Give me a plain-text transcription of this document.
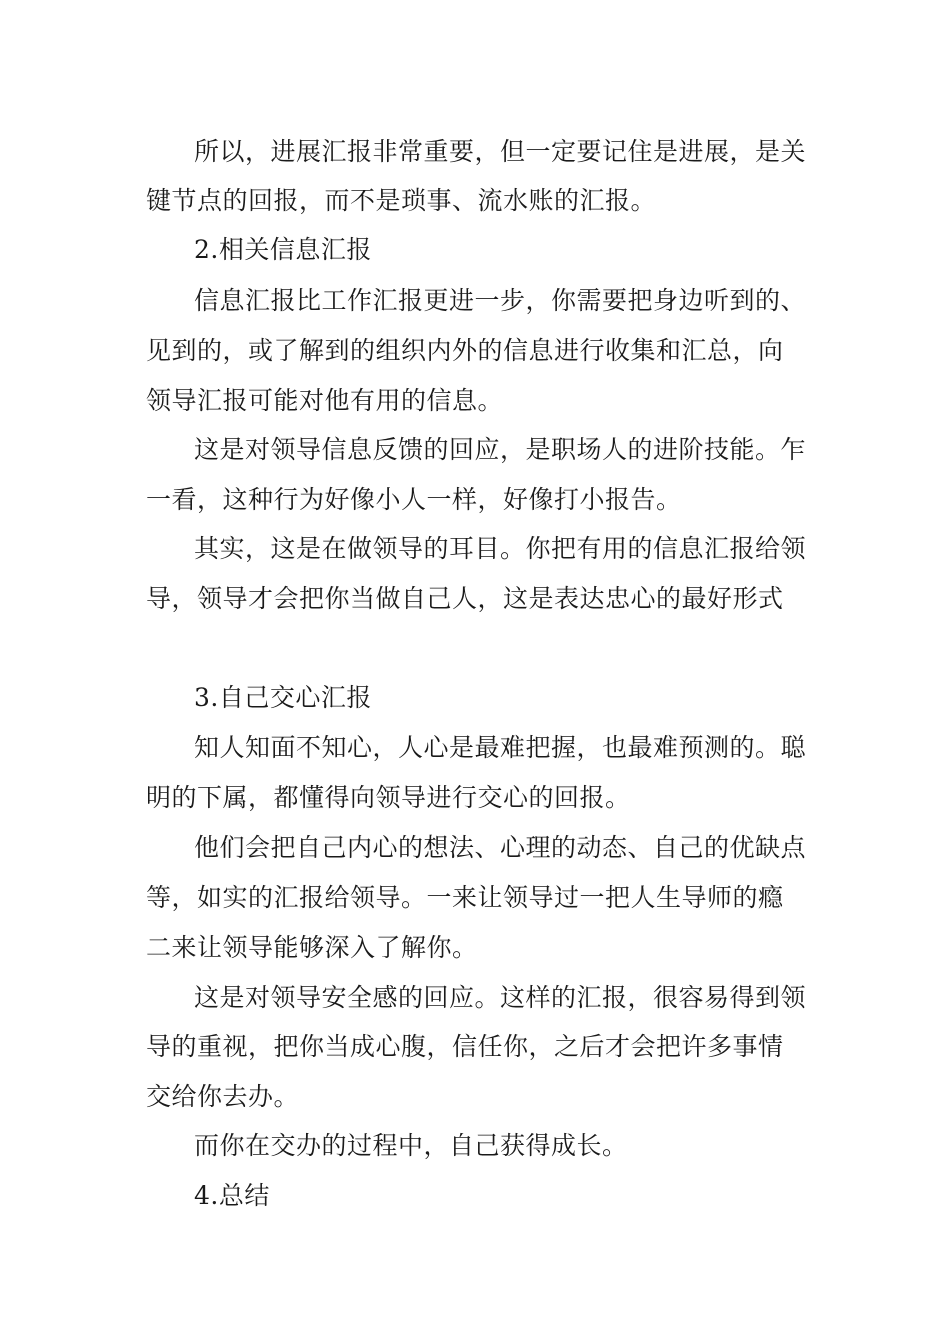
所以，进展汇报非常重要，但一定要记住是进展，是关
键节点的回报，而不是琐事、流水账的汇报。
2.相关信息汇报
信息汇报比工作汇报更进一步，你需要把身边听到的、
见到的，或了解到的组织内外的信息进行收集和汇总，向
领导汇报可能对他有用的信息。
这是对领导信息反馈的回应，是职场人的进阶技能。乍
一看，这种行为好像小人一样，好像打小报告。
其实，这是在做领导的耳目。你把有用的信息汇报给领
导，领导才会把你当做自己人，这是表达忠心的最好形式
3.自己交心汇报
知人知面不知心，人心是最难把握，也最难预测的。聪
明的下属，都懂得向领导进行交心的回报。
他们会把自己内心的想法、心理的动态、自己的优缺点
等，如实的汇报给领导。一来让领导过一把人生导师的瘾
二来让领导能够深入了解你。
这是对领导安全感的回应。这样的汇报，很容易得到领
导的重视，把你当成心腹，信任你，之后才会把许多事情
交给你去办。
而你在交办的过程中，自己获得成长。
4.总结
